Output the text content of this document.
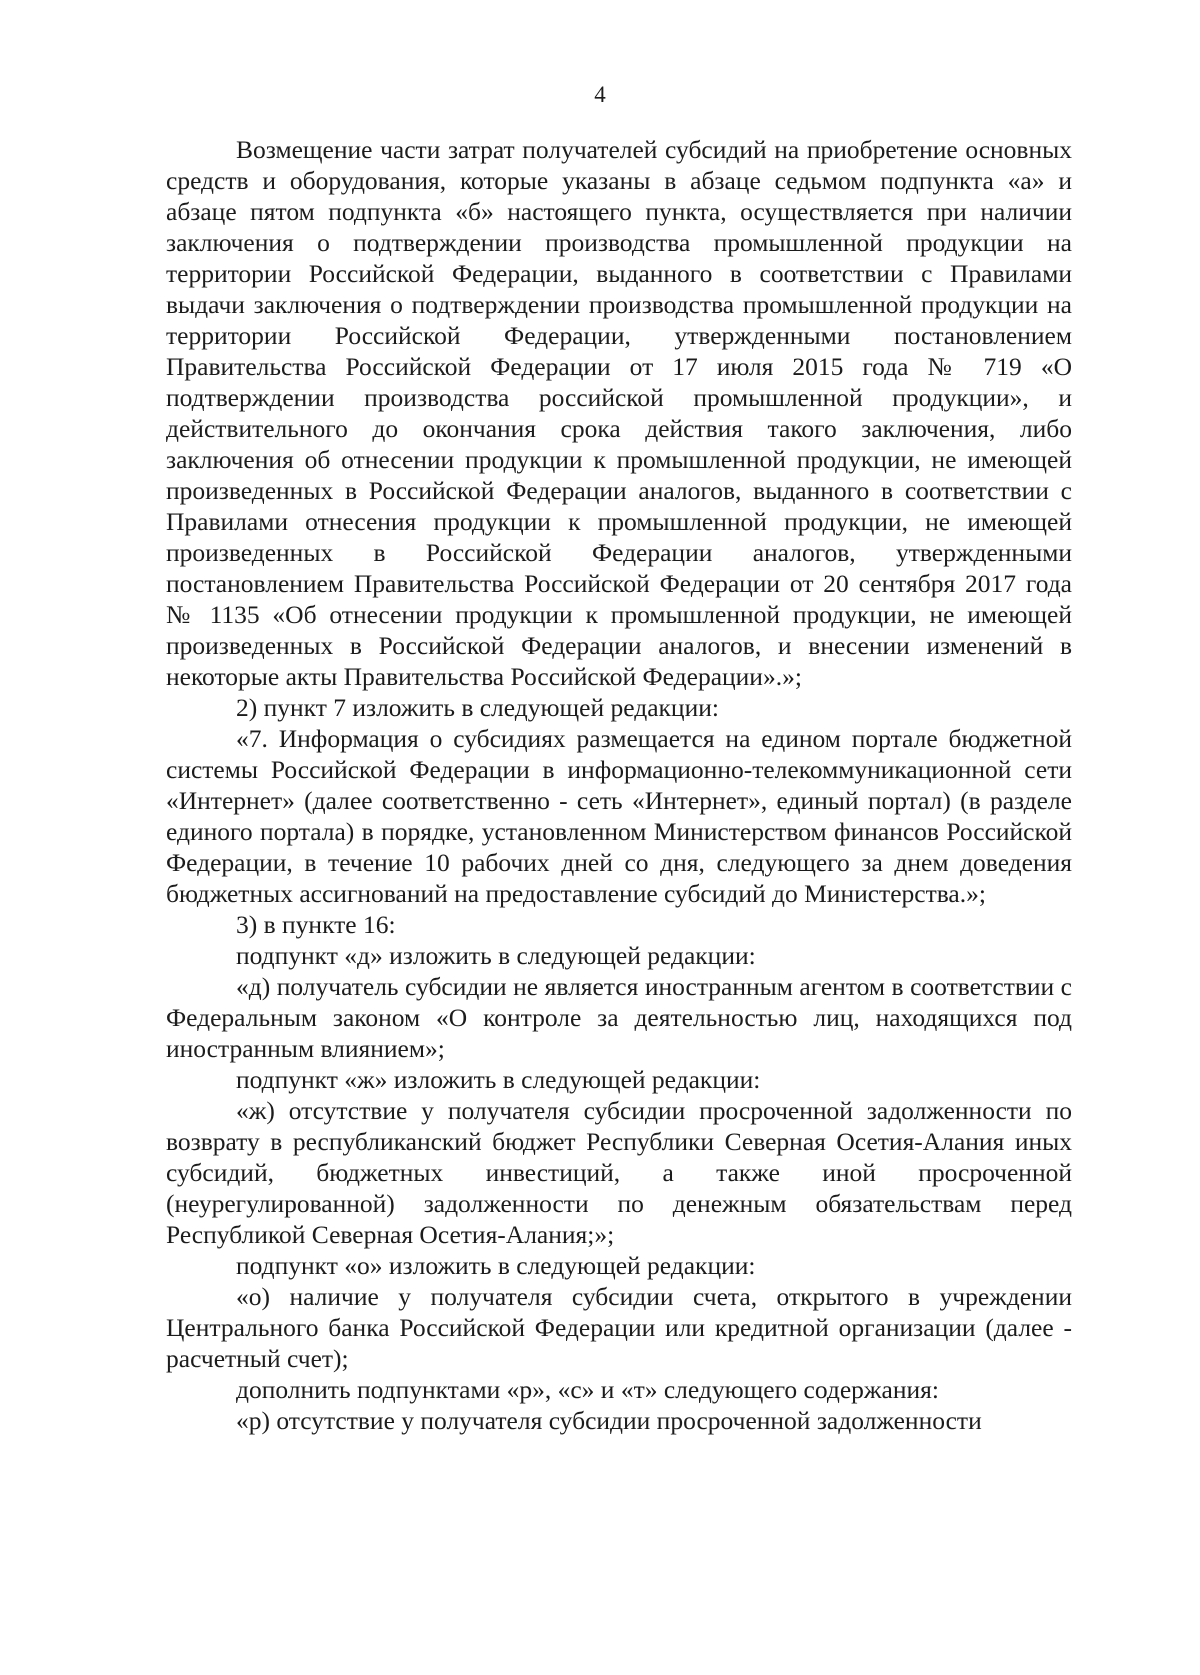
4

Возмещение части затрат получателей субсидий на приобретение основных средств и оборудования, которые указаны в абзаце седьмом подпункта «а» и абзаце пятом подпункта «б» настоящего пункта, осуществляется при наличии заключения о подтверждении производства промышленной продукции на территории Российской Федерации, выданного в соответствии с Правилами выдачи заключения о подтверждении производства промышленной продукции на территории Российской Федерации, утвержденными постановлением Правительства Российской Федерации от 17 июля 2015 года № 719 «О подтверждении производства российской промышленной продукции», и действительного до окончания срока действия такого заключения, либо заключения об отнесении продукции к промышленной продукции, не имеющей произведенных в Российской Федерации аналогов, выданного в соответствии с Правилами отнесения продукции к промышленной продукции, не имеющей произведенных в Российской Федерации аналогов, утвержденными постановлением Правительства Российской Федерации от 20 сентября 2017 года № 1135 «Об отнесении продукции к промышленной продукции, не имеющей произведенных в Российской Федерации аналогов, и внесении изменений в некоторые акты Правительства Российской Федерации».»;

2) пункт 7 изложить в следующей редакции:

«7. Информация о субсидиях размещается на едином портале бюджетной системы Российской Федерации в информационно-телекоммуникационной сети «Интернет» (далее соответственно - сеть «Интернет», единый портал) (в разделе единого портала) в порядке, установленном Министерством финансов Российской Федерации, в течение 10 рабочих дней со дня, следующего за днем доведения бюджетных ассигнований на предоставление субсидий до Министерства.»;

3) в пункте 16:

подпункт «д» изложить в следующей редакции:

«д) получатель субсидии не является иностранным агентом в соответствии с Федеральным законом «О контроле за деятельностью лиц, находящихся под иностранным влиянием»;

подпункт «ж» изложить в следующей редакции:

«ж) отсутствие у получателя субсидии просроченной задолженности по возврату в республиканский бюджет Республики Северная Осетия-Алания иных субсидий, бюджетных инвестиций, а также иной просроченной (неурегулированной) задолженности по денежным обязательствам перед Республикой Северная Осетия-Алания;»;

подпункт «о» изложить в следующей редакции:

«о) наличие у получателя субсидии счета, открытого в учреждении Центрального банка Российской Федерации или кредитной организации (далее - расчетный счет);

дополнить подпунктами «р», «с» и «т» следующего содержания:

«р) отсутствие у получателя субсидии просроченной задолженности
